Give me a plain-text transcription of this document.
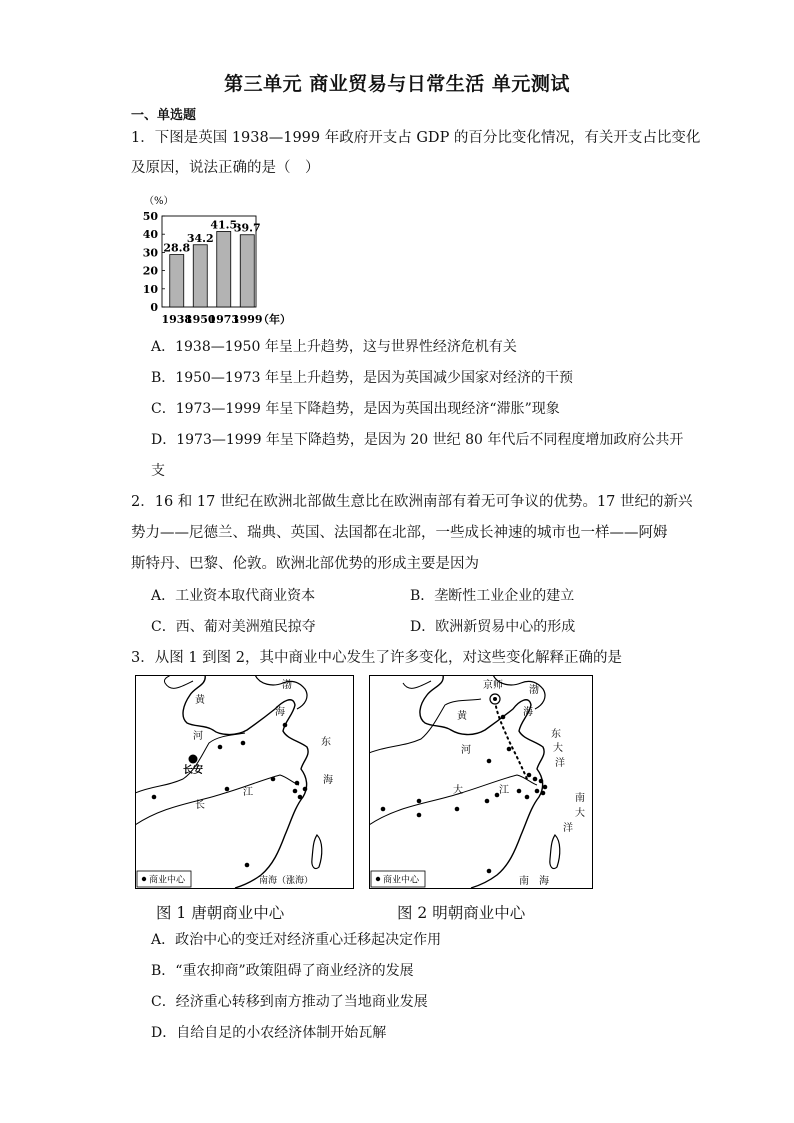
第三单元 商业贸易与日常生活 单元测试
一、单选题
1．下图是英国 1938—1999 年政府开支占 GDP 的百分比变化情况，有关开支占比变化
及原因，说法正确的是（　）
（%）
0
10
20
30
40
50
28.8
34.2
41.5
39.7
1938
1950
1973
1999
（年）
A．1938—1950 年呈上升趋势，这与世界性经济危机有关
B．1950—1973 年呈上升趋势，是因为英国减少国家对经济的干预
C．1973—1999 年呈下降趋势，是因为英国出现经济“滞胀”现象
D．1973—1999 年呈下降趋势，是因为 20 世纪 80 年代后不同程度增加政府公共开
支
2．16 和 17 世纪在欧洲北部做生意比在欧洲南部有着无可争议的优势。17 世纪的新兴
势力——尼德兰、瑞典、英国、法国都在北部，一些成长神速的城市也一样——阿姆
斯特丹、巴黎、伦敦。欧洲北部优势的形成主要是因为
A．工业资本取代商业资本	B．垄断性工业企业的建立
C．西、葡对美洲殖民掠夺	D．欧洲新贸易中心的形成
3．从图 1 到图 2，其中商业中心发生了许多变化，对这些变化解释正确的是
渤
海
黄
河
东
海
长安
长
江
南海（涨海）
商业中心
图 1 唐朝商业中心
京师	渤
海
黄
河
东
大
洋
大	江
南
大
洋
南 海
商业中心
图 2 明朝商业中心
A．政治中心的变迁对经济重心迁移起决定作用
B．“重农抑商”政策阻碍了商业经济的发展
C．经济重心转移到南方推动了当地商业发展
D．自给自足的小农经济体制开始瓦解
